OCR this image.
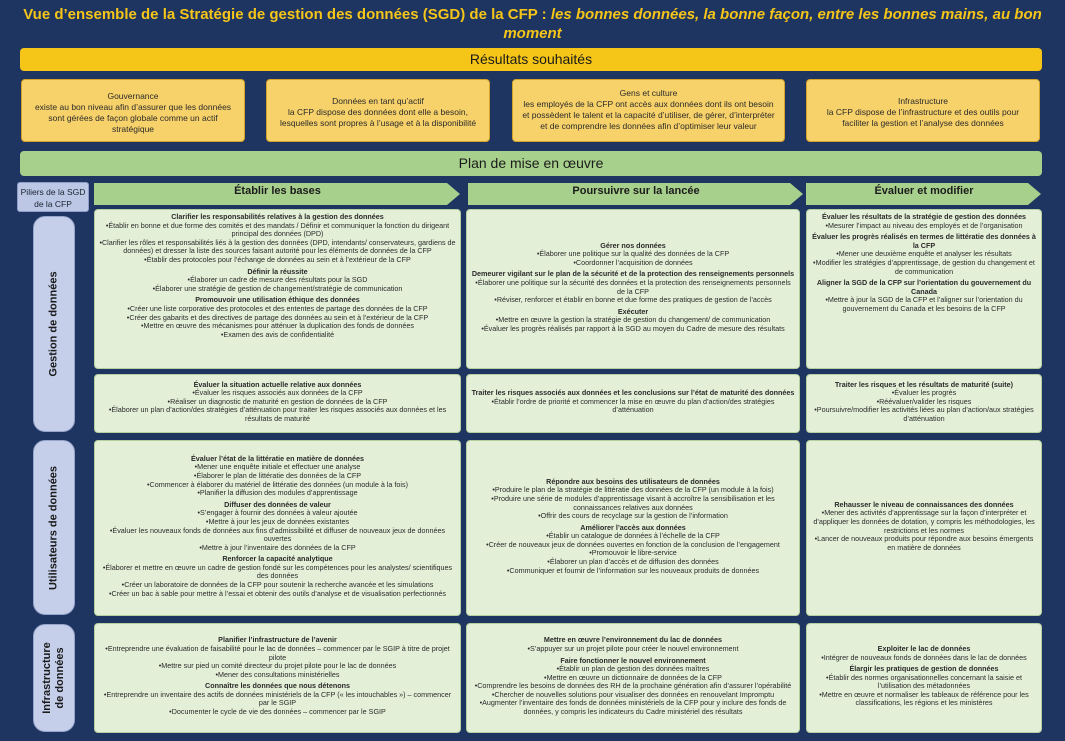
Vue d’ensemble de la Stratégie de gestion des données (SGD) de la CFP : les bonnes données, la bonne façon, entre les bonnes mains, au bon moment
Résultats souhaités
Gouvernance
existe au bon niveau afin d’assurer que les données sont gérées de façon globale comme un actif stratégique
Données en tant qu’actif
la CFP dispose des données dont elle a besoin, lesquelles sont propres à l’usage et à la disponibilité
Gens et culture
les employés de la CFP ont accès aux données dont ils ont besoin et possèdent le talent et la capacité d’utiliser, de gérer, d’interpréter et de comprendre les données afin d’optimiser leur valeur
Infrastructure
la CFP dispose de l’infrastructure et des outils pour faciliter la gestion et l’analyse des données
Plan de mise en œuvre
Piliers de la SGD de la CFP
Établir les bases	Poursuivre sur la lancée	Évaluer et modifier
Gestion de données
Utilisateurs de données
Infrastructure de données
Clarifier les responsabilités relatives à la gestion des données
• Établir en bonne et due forme des comités et des mandats / Définir et communiquer la fonction du dirigeant principal des données (DPD)
• Clarifier les rôles et responsabilités liés à la gestion des données (DPD, intendants/ conservateurs, gardiens de données) et dresser la liste des sources faisant autorité pour les éléments de données de la CFP
• Établir des protocoles pour l’échange de données au sein et à l’extérieur de la CFP
Définir la réussite
• Élaborer un cadre de mesure des résultats pour la SGD
• Élaborer une stratégie de gestion de changement/stratégie de communication
Promouvoir une utilisation éthique des données
• Créer une liste corporative des protocoles et des ententes de partage des données de la CFP
• Créer des gabarits et des directives de partage des données au sein et à l’extérieur de la CFP
• Mettre en œuvre des mécanismes pour atténuer la duplication des fonds de données
• Examen des avis de confidentialité
Gérer nos données
• Élaborer une politique sur la qualité des données de la CFP
• Coordonner l’acquisition de données
Demeurer vigilant sur le plan de la sécurité et de la protection des renseignements personnels
• Élaborer une politique sur la sécurité des données et la protection des renseignements personnels de la CFP
• Réviser, renforcer et établir en bonne et due forme des pratiques de gestion de l’accès
Exécuter
• Mettre en œuvre la gestion la stratégie de gestion du changement/ de communication
• Évaluer les progrès réalisés par rapport à la SGD au moyen du Cadre de mesure des résultats
Évaluer les résultats de la stratégie de gestion des données
• Mesurer l’impact au niveau des employés et de l’organisation
Évaluer les progrès réalisés en termes de littératie des données à la CFP
• Mener une deuxième enquête et analyser les résultats
• Modifier les stratégies d’apprentissage, de gestion du changement et de communication
Aligner la SGD de la CFP sur l’orientation du gouvernement du Canada
• Mettre à jour la SGD de la CFP et l’aligner sur l’orientation du gouvernement du Canada et les besoins de la CFP
Évaluer la situation actuelle relative aux données
• Évaluer les risques associés aux données de la CFP
• Réaliser un diagnostic de maturité en gestion de données de la CFP
• Élaborer un plan d’action/des stratégies d’atténuation pour traiter les risques associés aux données et les résultats de maturité
Traiter les risques associés aux données et les conclusions sur l’état de maturité des données
• Établir l’ordre de priorité et commencer la mise en œuvre du plan d’action/des stratégies d’atténuation
Traiter les risques et les résultats de maturité (suite)
• Évaluer les progrès
• Réévaluer/valider les risques
• Poursuivre/modifier les activités liées au plan d’action/aux stratégies d’atténuation
Évaluer l’état de la littératie en matière de données
• Mener une enquête initiale et effectuer une analyse
• Élaborer le plan de littératie des données de la CFP
• Commencer à élaborer du matériel de littératie des données (un module à la fois)
• Planifier la diffusion des modules d’apprentissage
Diffuser des données de valeur
• S’engager à fournir des données à valeur ajoutée
• Mettre à jour les jeux de données existantes
• Évaluer les nouveaux fonds de données aux fins d’admissibilité et diffuser de nouveaux jeux de données ouvertes
• Mettre à jour l’inventaire des données de la CFP
Renforcer la capacité analytique
• Élaborer et mettre en œuvre un cadre de gestion fondé sur les compétences pour les analystes/ scientifiques des données
• Créer un laboratoire de données de la CFP pour soutenir la recherche avancée et les simulations
• Créer un bac à sable pour mettre à l’essai et obtenir des outils d’analyse et de visualisation perfectionnés
Répondre aux besoins des utilisateurs de données
• Produire le plan de la stratégie de littératie des données de la CFP (un module à la fois)
• Produire une série de modules d’apprentissage visant à accroître la sensibilisation et les connaissances relatives aux données
• Offrir des cours de recyclage sur la gestion de l’information
Améliorer l’accès aux données
• Établir un catalogue de données à l’échelle de la CFP
• Créer de nouveaux jeux de données ouvertes en fonction de la conclusion de l’engagement
• Promouvoir le libre-service
• Élaborer un plan d’accès et de diffusion des données
• Communiquer et fournir de l’information sur les nouveaux produits de données
Rehausser le niveau de connaissances des données
• Mener des activités d’apprentissage sur la façon d’interpréter et d’appliquer les données de dotation, y compris les méthodologies, les restrictions et les normes
• Lancer de nouveaux produits pour répondre aux besoins émergents en matière de données
Planifier l’infrastructure de l’avenir
• Entreprendre une évaluation de faisabilité pour le lac de données – commencer par le SGIP à titre de projet pilote
• Mettre sur pied un comité directeur du projet pilote pour le lac de données
• Mener des consultations ministérielles
Connaître les données que nous détenons
• Entreprendre un inventaire des actifs de données ministériels de la CFP (« les intouchables ») – commencer par le SGIP
• Documenter le cycle de vie des données – commencer par le SGIP
Mettre en œuvre l’environnement du lac de données
• S’appuyer sur un projet pilote pour créer le nouvel environnement
Faire fonctionner le nouvel environnement
• Établir un plan de gestion des données maîtres
• Mettre en œuvre un dictionnaire de données de la CFP
• Comprendre les besoins de données des RH de la prochaine génération afin d’assurer l’opérabilité
• Chercher de nouvelles solutions pour visualiser des données en renouvelant Impromptu
• Augmenter l’inventaire des fonds de données ministériels de la CFP pour y inclure des fonds de données, y compris les indicateurs du Cadre ministériel des résultats
Exploiter le lac de données
• Intégrer de nouveaux fonds de données dans le lac de données
Élargir les pratiques de gestion de données
• Établir des normes organisationnelles concernant la saisie et l’utilisation des métadonnées
• Mettre en œuvre et normaliser les tableaux de référence pour les classifications, les régions et les ministères
